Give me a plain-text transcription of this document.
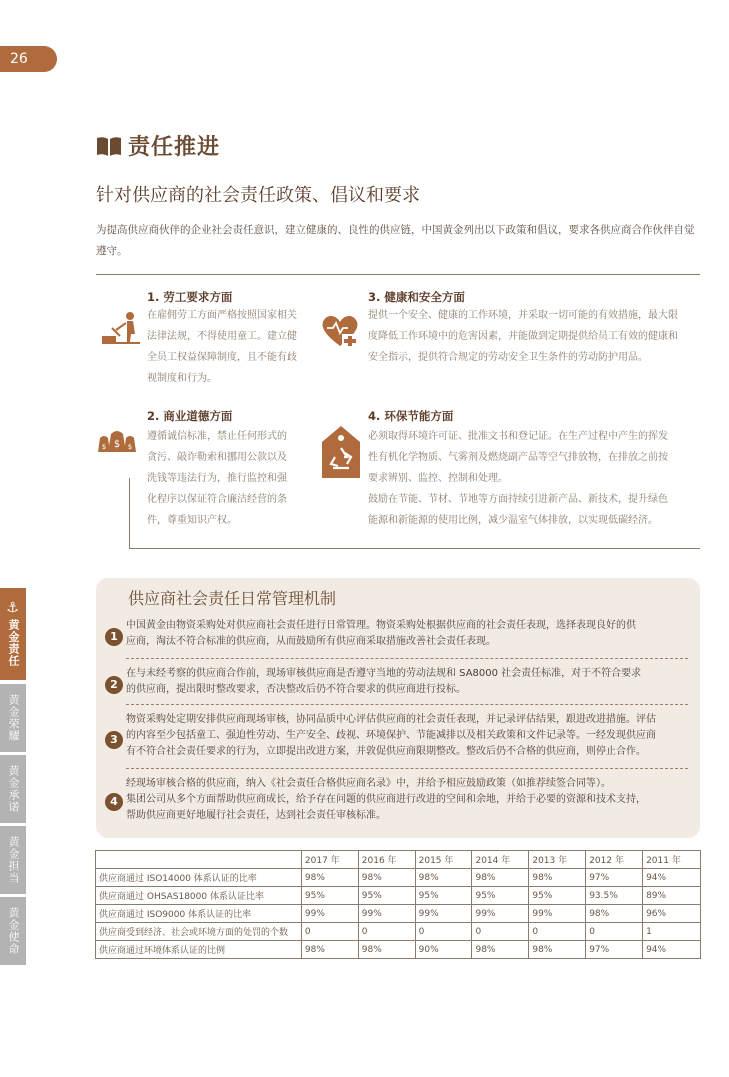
26
责任推进
针对供应商的社会责任政策、倡议和要求
为提高供应商伙伴的企业社会责任意识，建立健康的、良性的供应链，中国黄金列出以下政策和倡议，要求各供应商合作伙伴自觉遵守。
1. 劳工要求方面
在雇佣劳工方面严格按照国家相关
法律法规，不得使用童工。建立健
全员工权益保障制度，且不能有歧
视制度和行为。
3. 健康和安全方面
提供一个安全、健康的工作环境，并采取一切可能的有效措施，最大限
度降低工作环境中的危害因素，并能做到定期提供给员工有效的健康和
安全指示，提供符合规定的劳动安全卫生条件的劳动防护用品。
$
$	$
2. 商业道德方面
遵循诚信标准，禁止任何形式的
贪污、敲诈勒索和挪用公款以及
洗钱等违法行为，推行监控和强
化程序以保证符合廉洁经营的条
件，尊重知识产权。
4. 环保节能方面
必须取得环境许可证、批准文书和登记证。在生产过程中产生的挥发
性有机化学物质、气雾剂及燃烧副产品等空气排放物，在排放之前按
要求辨别、监控、控制和处理。
鼓励在节能、节材、节地等方面持续引进新产品、新技术，提升绿色
能源和新能源的使用比例，减少温室气体排放，以实现低碳经济。
供应商社会责任日常管理机制
1
中国黄金由物资采购处对供应商社会责任进行日常管理。物资采购处根据供应商的社会责任表现，选择表现良好的供
应商，淘汰不符合标准的供应商，从而鼓励所有供应商采取措施改善社会责任表现。
2
在与未经考察的供应商合作前，现场审核供应商是否遵守当地的劳动法规和 SA8000 社会责任标准，对于不符合要求
的供应商，提出限时整改要求，否决整改后仍不符合要求的供应商进行投标。
3
物资采购处定期安排供应商现场审核，协同品质中心评估供应商的社会责任表现，并记录评估结果，跟进改进措施。评估
的内容至少包括童工、强迫性劳动、生产安全、歧视、环境保护、节能减排以及相关政策和文件记录等。一经发现供应商
有不符合社会责任要求的行为，立即提出改进方案，并敦促供应商限期整改。整改后仍不合格的供应商，则停止合作。
4
经现场审核合格的供应商，纳入《社会责任合格供应商名录》中，并给予相应鼓励政策（如推荐续签合同等）。
集团公司从多个方面帮助供应商成长，给予存在问题的供应商进行改进的空间和余地，并给于必要的资源和技术支持，
帮助供应商更好地履行社会责任，达到社会责任审核标准。
	2017 年	2016 年	2015 年	2014 年	2013 年	2012 年	2011 年
供应商通过 ISO14000 体系认证的比率	98%	98%	98%	98%	98%	97%	94%
供应商通过 OHSAS18000 体系认证比率	95%	95%	95%	95%	95%	93.5%	89%
供应商通过 ISO9000 体系认证的比率	99%	99%	99%	99%	99%	98%	96%
供应商受到经济、社会或环境方面的处罚的个数	0	0	0	0	0	0	1
供应商通过环境体系认证的比例	98%	98%	90%	98%	98%	97%	94%
⚓
黄金责任
黄金荣耀
黄金承诺
黄金担当
黄金使命
